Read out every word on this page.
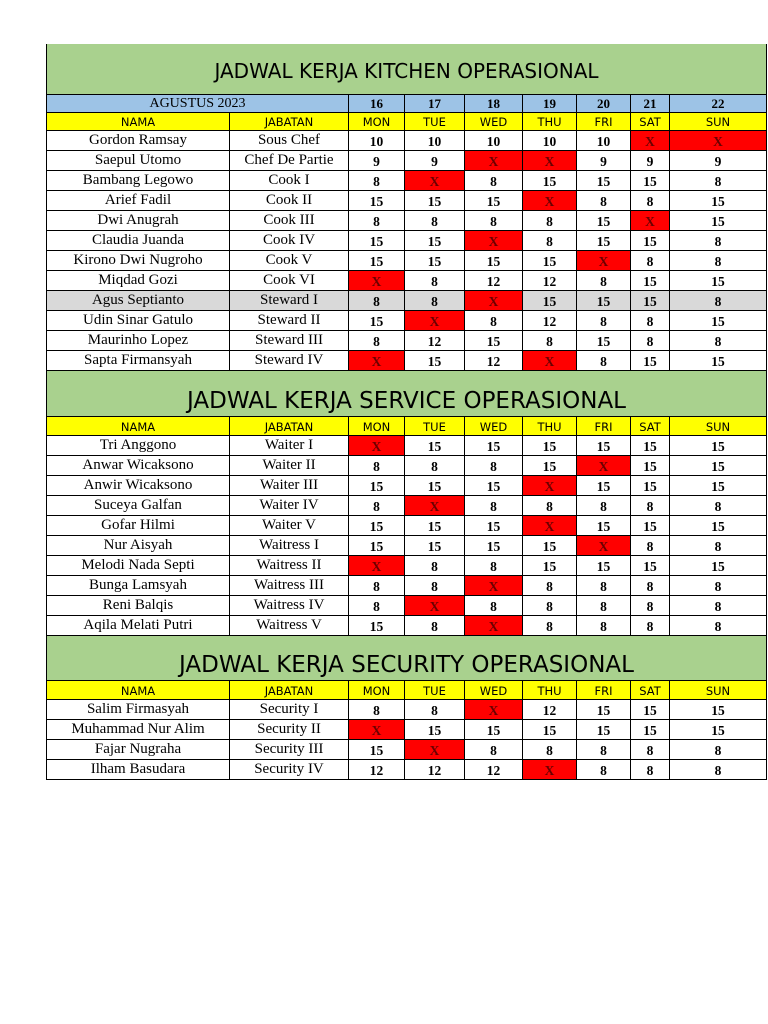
JADWAL KERJA KITCHEN OPERASIONAL
AGUSTUS 2023	16	17	18	19	20	21	22
NAMA	JABATAN	MON	TUE	WED	THU	FRI	SAT	SUN
Gordon Ramsay	Sous Chef	10	10	10	10	10	X	X
Saepul Utomo	Chef De Partie	9	9	X	X	9	9	9
Bambang Legowo	Cook I	8	X	8	15	15	15	8
Arief Fadil	Cook II	15	15	15	X	8	8	15
Dwi Anugrah	Cook III	8	8	8	8	15	X	15
Claudia Juanda	Cook IV	15	15	X	8	15	15	8
Kirono Dwi Nugroho	Cook V	15	15	15	15	X	8	8
Miqdad Gozi	Cook VI	X	8	12	12	8	15	15
Agus Septianto	Steward I	8	8	X	15	15	15	8
Udin Sinar Gatulo	Steward II	15	X	8	12	8	8	15
Maurinho Lopez	Steward III	8	12	15	8	15	8	8
Sapta Firmansyah	Steward IV	X	15	12	X	8	15	15
JADWAL KERJA SERVICE OPERASIONAL
NAMA	JABATAN	MON	TUE	WED	THU	FRI	SAT	SUN
Tri Anggono	Waiter I	X	15	15	15	15	15	15
Anwar Wicaksono	Waiter II	8	8	8	15	X	15	15
Anwir Wicaksono	Waiter III	15	15	15	X	15	15	15
Suceya Galfan	Waiter IV	8	X	8	8	8	8	8
Gofar Hilmi	Waiter V	15	15	15	X	15	15	15
Nur Aisyah	Waitress I	15	15	15	15	X	8	8
Melodi Nada Septi	Waitress II	X	8	8	15	15	15	15
Bunga Lamsyah	Waitress III	8	8	X	8	8	8	8
Reni Balqis	Waitress IV	8	X	8	8	8	8	8
Aqila Melati Putri	Waitress V	15	8	X	8	8	8	8
JADWAL KERJA SECURITY OPERASIONAL
NAMA	JABATAN	MON	TUE	WED	THU	FRI	SAT	SUN
Salim Firmasyah	Security I	8	8	X	12	15	15	15
Muhammad Nur Alim	Security II	X	15	15	15	15	15	15
Fajar Nugraha	Security III	15	X	8	8	8	8	8
Ilham Basudara	Security IV	12	12	12	X	8	8	8
